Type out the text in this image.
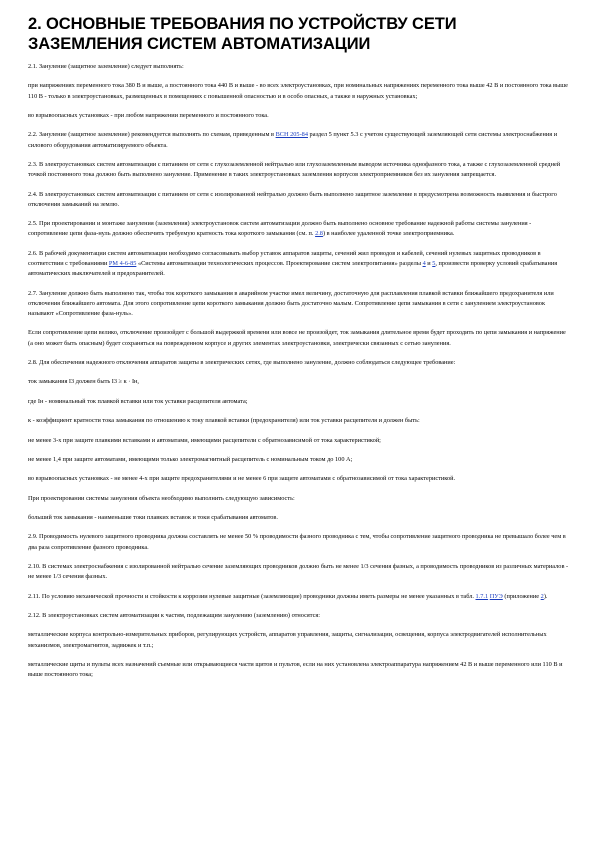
2. ОСНОВНЫЕ ТРЕБОВАНИЯ ПО УСТРОЙСТВУ СЕТИ ЗАЗЕМЛЕНИЯ СИСТЕМ АВТОМАТИЗАЦИИ

2.1. Зануление (защитное заземление) следует выполнять:

при напряжениях переменного тока 380 В и выше, а постоянного тока 440 В и выше - во всех электроустановках, при номинальных напряжениях переменного тока выше 42 В и постоянного тока выше 110 В - только в электроустановках, размещенных в помещениях с повышенной опасностью и в особо опасных, а также в наружных установках;

во взрывоопасных установках - при любом напряжении переменного и постоянного тока.

2.2. Зануление (защитное заземление) рекомендуется выполнять по схемам, приведенным в ВСН 205-84 раздел 5 пункт 5.3 с учетом существующей заземляющей сети системы электроснабжения и силового оборудования автоматизируемого объекта.

2.3. В электроустановках систем автоматизации с питанием от сети с глухозаземленной нейтралью или глухозаземленным выводом источника однофазного тока, а также с глухозаземленной средней точкой постоянного тока должно быть выполнено зануление. Применение в таких электроустановках заземления корпусов электроприемников без их зануления запрещается.

2.4. В электроустановках систем автоматизации с питанием от сети с изолированной нейтралью должно быть выполнено защитное заземление в предусмотрена возможность выявления и быстрого отключения замыканий на землю.

2.5. При проектировании и монтаже зануления (заземления) электроустановок систем автоматизации должно быть выполнено основное требование надежной работы системы зануления - сопротивление цепи фаза-нуль должно обеспечить требуемую кратность тока короткого замыкания (см. п. 2.8) в наиболее удаленной точке электроприемника.

2.6. В рабочей документации систем автоматизации необходимо согласовывать выбор уставок аппаратов защиты, сечений жил проводов и кабелей, сечений нулевых защитных проводников в соответствии с требованиями РМ 4-6-85 «Системы автоматизации технологических процессов. Проектирование систем электропитания» разделы 4 и 5, произвести проверку условий срабатывания автоматических выключателей и предохранителей.

2.7. Зануление должно быть выполнено так, чтобы ток короткого замыкания в аварийном участке имел величину, достаточную для расплавления плавкой вставки ближайшего предохранителя или отключения ближайшего автомата. Для этого сопротивление цепи короткого замыкания должно быть достаточно малым. Сопротивление цепи замыкания в сети с занулением электроустановок называют «Сопротивление фаза-нуль».

Если сопротивление цепи велико, отключение произойдет с большой выдержкой времени или вовсе не произойдет, ток замыкания длительное время будет проходить по цепи замыкания и напряжение (а оно может быть опасным) будет сохраняться на поврежденном корпусе и других элементах электроустановки, электрически связанных с сетью зануления.

2.8. Для обеспечения надежного отключения аппаратов защиты в электрических сетях, где выполнено зануление, должно соблюдаться следующее требование:

ток замыкания I3 должен быть I3 ≥ к · Iн,

где Iн - номинальный ток плавкой вставки или ток уставки расцепителя автомата;

к - коэффициент кратности тока замыкания по отношению к току плавкой вставки (предохранителя) или ток уставки расцепителя и должен быть:

не менее 3-х при защите плавкими вставками и автоматами, имеющими расцепители с обратнозависимой от тока характеристикой;

не менее 1,4 при защите автоматами, имеющими только электромагнитный расцепитель с номинальным током до 100 А;

во взрывоопасных установках - не менее 4-х при защите предохранителями и не менее 6 при защите автоматами с обратнозависимой от тока характеристикой.

При проектировании системы зануления объекта необходимо выполнить следующую зависимость:

больший ток замыкания - наименьшие токи плавких вставок и токи срабатывания автоматов.

2.9. Проводимость нулевого защитного проводника должна составлять не менее 50 % проводимости фазного проводника с тем, чтобы сопротивление защитного проводника не превышало более чем в два раза сопротивление фазного проводника.

2.10. В системах электроснабжения с изолированной нейтралью сечение заземляющих проводников должно быть не менее 1/3 сечения фазных, а проводимость проводников из различных материалов - не менее 1/3 сечения фазных.

2.11. По условию механической прочности и стойкости к коррозии нулевые защитные (заземляющие) проводники должны иметь размеры не менее указанных в табл. 1.7.1 ПУЭ (приложение 2).

2.12. В электроустановках систем автоматизации к частям, подлежащим занулению (заземлению) относятся:

металлические корпуса контрольно-измерительных приборов, регулирующих устройств, аппаратов управления, защиты, сигнализации, освещения, корпуса электродвигателей исполнительных механизмов, электромагнитов, задвижек и т.п.;

металлические щиты и пульты всех назначений съемные или открывающиеся части щитов и пультов, если на них установлена электроаппаратура напряжением 42 В и выше переменного или 110 В и выше постоянного тока;
